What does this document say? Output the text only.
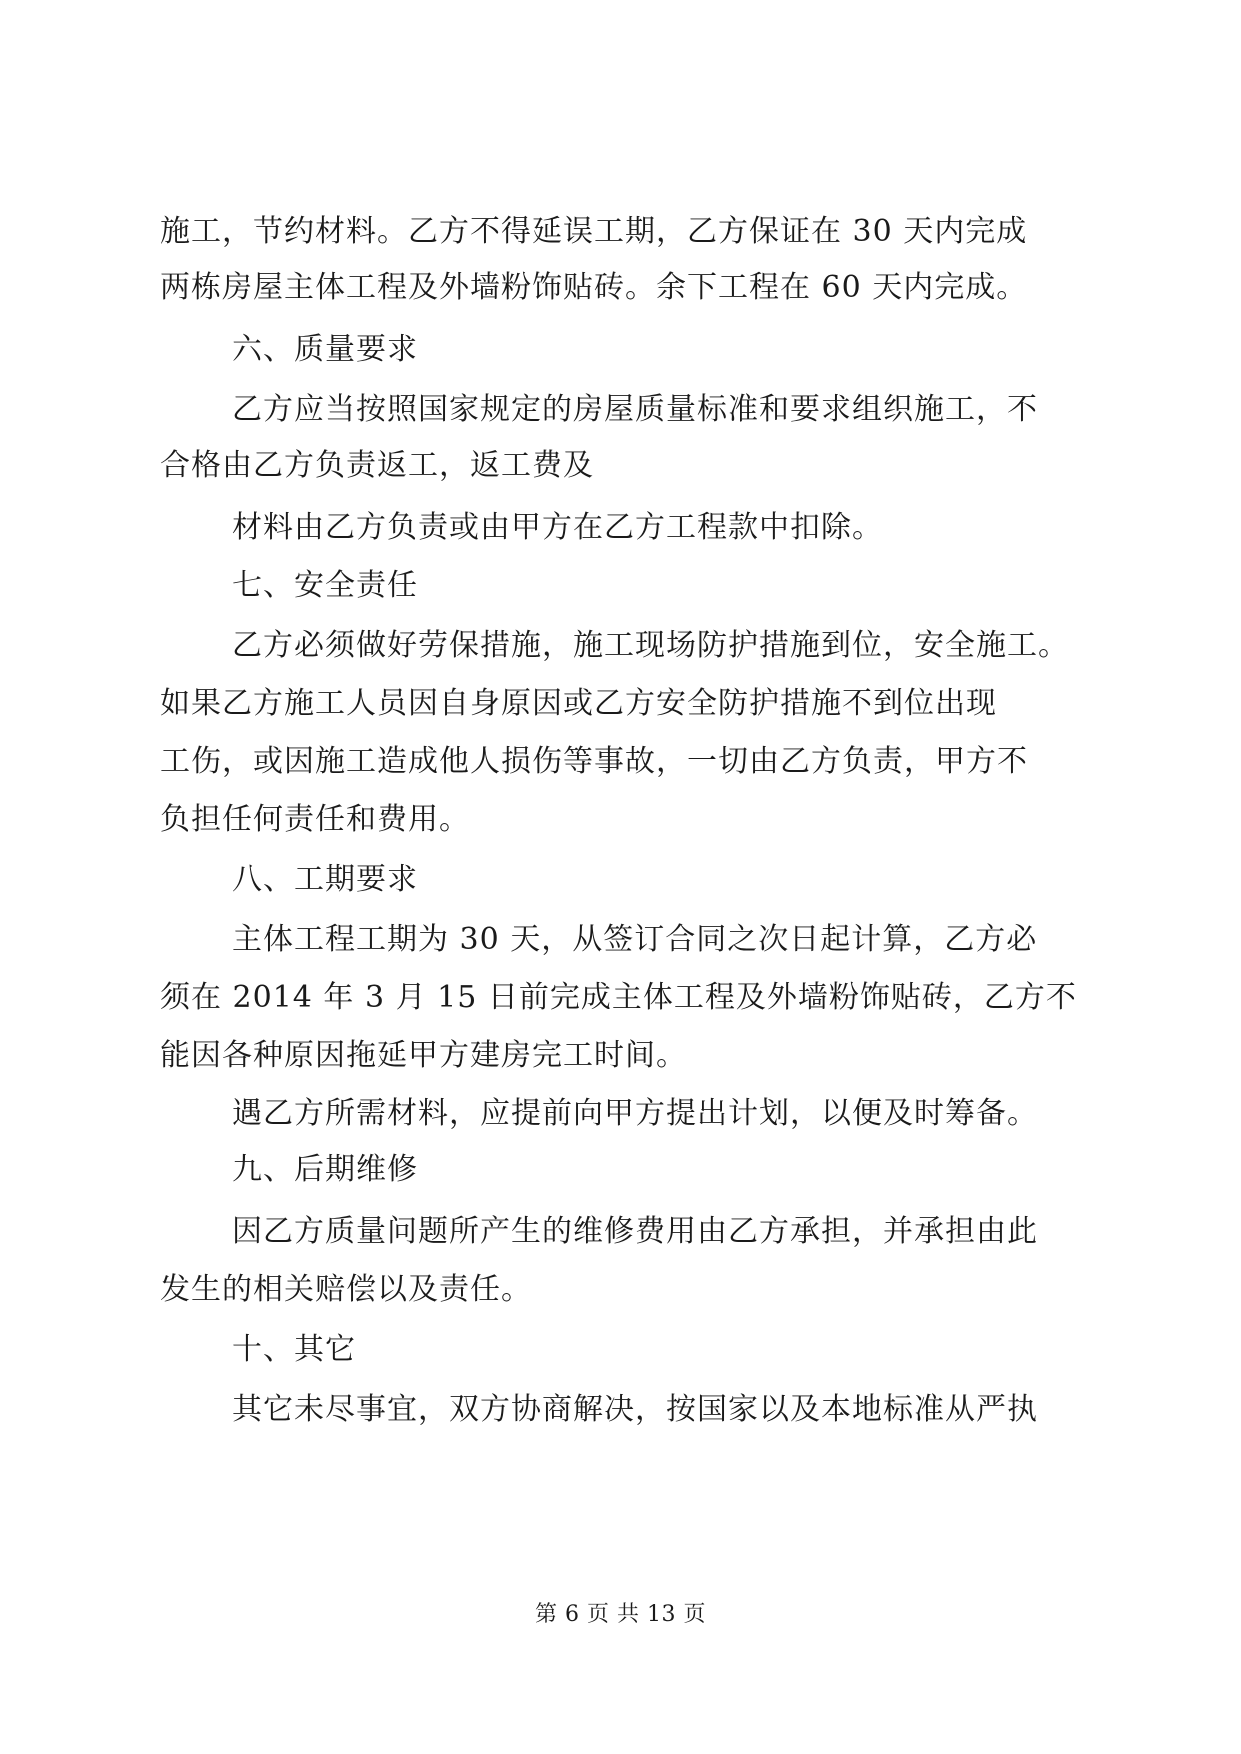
施工，节约材料。乙方不得延误工期，乙方保证在 30 天内完成
两栋房屋主体工程及外墙粉饰贴砖。余下工程在 60 天内完成。
六、质量要求
乙方应当按照国家规定的房屋质量标准和要求组织施工，不
合格由乙方负责返工，返工费及
材料由乙方负责或由甲方在乙方工程款中扣除。
七、安全责任
乙方必须做好劳保措施，施工现场防护措施到位，安全施工。
如果乙方施工人员因自身原因或乙方安全防护措施不到位出现
工伤，或因施工造成他人损伤等事故，一切由乙方负责，甲方不
负担任何责任和费用。
八、工期要求
主体工程工期为 30 天，从签订合同之次日起计算，乙方必
须在 2014 年 3 月 15 日前完成主体工程及外墙粉饰贴砖，乙方不
能因各种原因拖延甲方建房完工时间。
遇乙方所需材料，应提前向甲方提出计划，以便及时筹备。
九、后期维修
因乙方质量问题所产生的维修费用由乙方承担，并承担由此
发生的相关赔偿以及责任。
十、其它
其它未尽事宜，双方协商解决，按国家以及本地标准从严执
第 6 页 共 13 页
